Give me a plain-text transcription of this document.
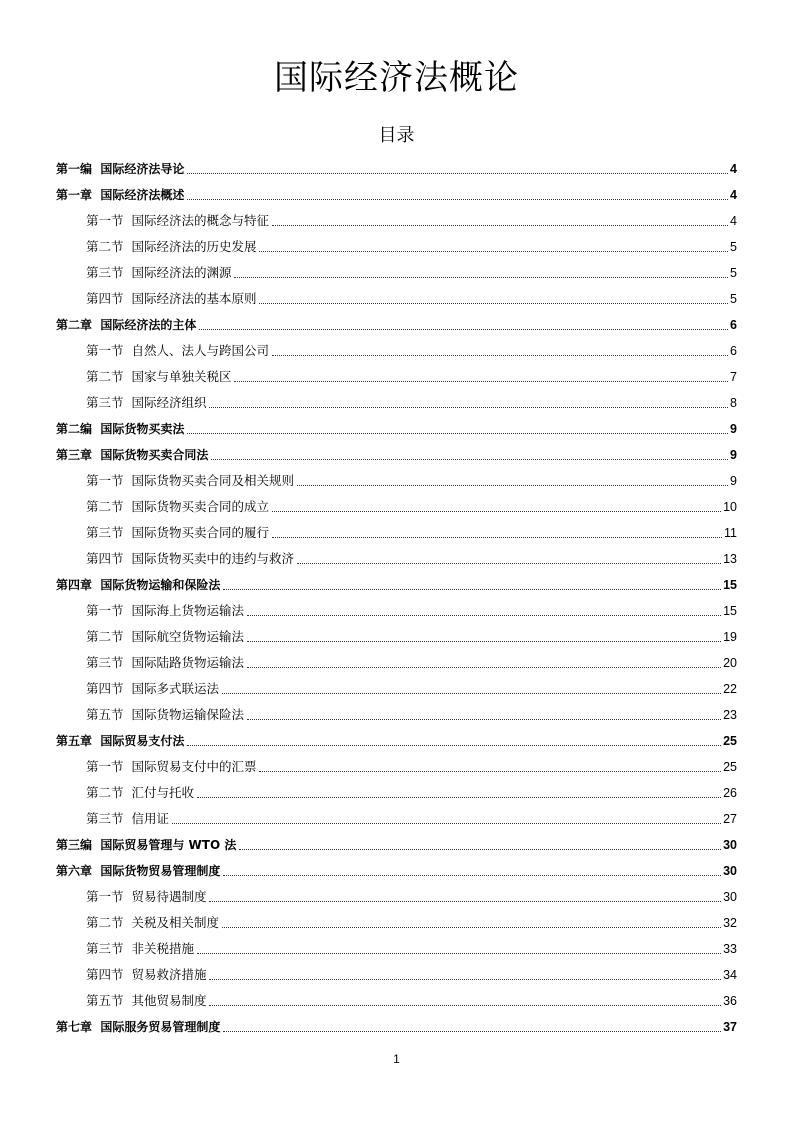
国际经济法概论
目录
第一编 国际经济法导论	4
第一章 国际经济法概述	4
第一节 国际经济法的概念与特征	4
第二节 国际经济法的历史发展	5
第三节 国际经济法的渊源	5
第四节 国际经济法的基本原则	5
第二章 国际经济法的主体	6
第一节 自然人、法人与跨国公司	6
第二节 国家与单独关税区	7
第三节 国际经济组织	8
第二编 国际货物买卖法	9
第三章 国际货物买卖合同法	9
第一节 国际货物买卖合同及相关规则	9
第二节 国际货物买卖合同的成立	10
第三节 国际货物买卖合同的履行	11
第四节 国际货物买卖中的违约与救济	13
第四章 国际货物运输和保险法	15
第一节 国际海上货物运输法	15
第二节 国际航空货物运输法	19
第三节 国际陆路货物运输法	20
第四节 国际多式联运法	22
第五节 国际货物运输保险法	23
第五章 国际贸易支付法	25
第一节 国际贸易支付中的汇票	25
第二节 汇付与托收	26
第三节 信用证	27
第三编 国际贸易管理与 WTO 法	30
第六章 国际货物贸易管理制度	30
第一节 贸易待遇制度	30
第二节 关税及相关制度	32
第三节 非关税措施	33
第四节 贸易救济措施	34
第五节 其他贸易制度	36
第七章 国际服务贸易管理制度	37
1
